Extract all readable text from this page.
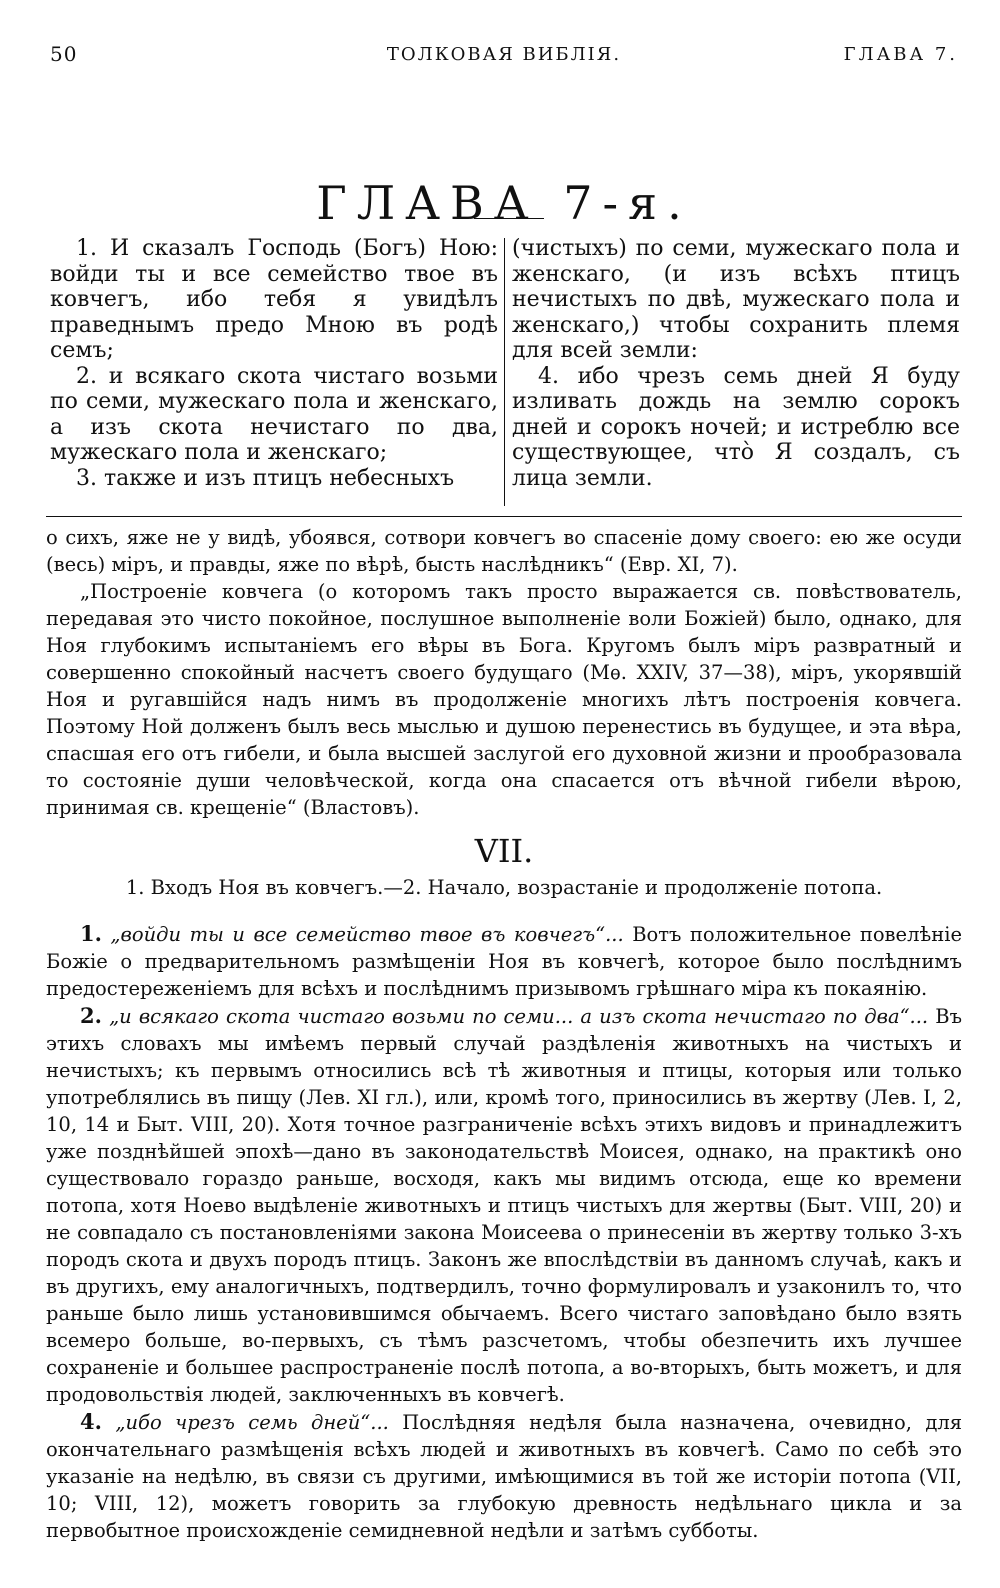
50	ТОЛКОВАЯ ВИБЛІЯ.	ГЛАВА 7.
ГЛАВА 7-я.

1. И сказалъ Господь (Богъ) Ною: войди ты и все семейство твое въ ковчегъ, ибо тебя я увидѣлъ праведнымъ предо Мною въ родѣ семъ;

2. и всякаго скота чистаго возьми по семи, мужескаго пола и женскаго, а изъ скота нечистаго по два, мужескаго пола и женскаго;

3. также и изъ птицъ небесныхъ

(чистыхъ) по семи, мужескаго пола и женскаго, (и изъ всѣхъ птицъ нечистыхъ по двѣ, мужескаго пола и женскаго,) чтобы сохранить племя для всей земли:

4. ибо чрезъ семь дней Я буду изливать дождь на землю сорокъ дней и сорокъ ночей; и истреблю все существующее, что̀ Я создалъ, съ лица земли.

о сихъ, яже не у видѣ, убоявся, сотвори ковчегъ во спасеніе дому своего: ею же осуди (весь) міръ, и правды, яже по вѣрѣ, бысть наслѣдникъ“ (Евр. XI, 7).

„Построеніе ковчега (о которомъ такъ просто выражается св. повѣствователь, передавая это чисто покойное, послушное выполненіе воли Божіей) было, однако, для Ноя глубокимъ испытаніемъ его вѣры въ Бога. Кругомъ былъ міръ развратный и совершенно спокойный насчетъ своего будущаго (Мѳ. XXIV, 37—38), міръ, укорявшій Ноя и ругавшійся надъ нимъ въ продолженіе многихъ лѣтъ построенія ковчега. Поэтому Ной долженъ былъ весь мыслью и душою перенестись въ будущее, и эта вѣра, спасшая его отъ гибели, и была высшей заслугой его духовной жизни и прообразовала то состояніе души человѣческой, когда она спасается отъ вѣчной гибели вѣрою, принимая св. крещеніе“ (Властовъ).

VII.
1. Входъ Ноя въ ковчегъ.—2. Начало, возрастаніе и продолженіе потопа.

1. „войди ты и все семейство твое въ ковчегъ“... Вотъ положительное повелѣніе Божіе о предварительномъ размѣщеніи Ноя въ ковчегѣ, которое было послѣднимъ предостереженіемъ для всѣхъ и послѣднимъ призывомъ грѣшнаго міра къ покаянію.

2. „и всякаго скота чистаго возьми по семи... а изъ скота нечистаго по два“... Въ этихъ словахъ мы имѣемъ первый случай раздѣленія животныхъ на чистыхъ и нечистыхъ; къ первымъ относились всѣ тѣ животныя и птицы, которыя или только употреблялись въ пищу (Лев. XI гл.), или, кромѣ того, приносились въ жертву (Лев. I, 2, 10, 14 и Быт. VIII, 20). Хотя точное разграниченіе всѣхъ этихъ видовъ и принадлежитъ уже позднѣйшей эпохѣ—дано въ законодательствѣ Моисея, однако, на практикѣ оно существовало гораздо раньше, восходя, какъ мы видимъ отсюда, еще ко времени потопа, хотя Ноево выдѣленіе животныхъ и птицъ чистыхъ для жертвы (Быт. VIII, 20) и не совпадало съ постановленіями закона Моисеева о принесеніи въ жертву только 3-хъ породъ скота и двухъ породъ птицъ. Законъ же впослѣдствіи въ данномъ случаѣ, какъ и въ другихъ, ему аналогичныхъ, подтвердилъ, точно формулировалъ и узаконилъ то, что раньше было лишь установившимся обычаемъ. Всего чистаго заповѣдано было взять всемеро больше, во-первыхъ, съ тѣмъ разсчетомъ, чтобы обезпечить ихъ лучшее сохраненіе и большее распространеніе послѣ потопа, а во-вторыхъ, быть можетъ, и для продовольствія людей, заключенныхъ въ ковчегѣ.

4. „ибо чрезъ семь дней“... Послѣдняя недѣля была назначена, очевидно, для окончательнаго размѣщенія всѣхъ людей и животныхъ въ ковчегѣ. Само по себѣ это указаніе на недѣлю, въ связи съ другими, имѣющимися въ той же исторіи потопа (VII, 10; VIII, 12), можетъ говорить за глубокую древность недѣльнаго цикла и за первобытное происхожденіе семидневной недѣли и затѣмъ субботы.
